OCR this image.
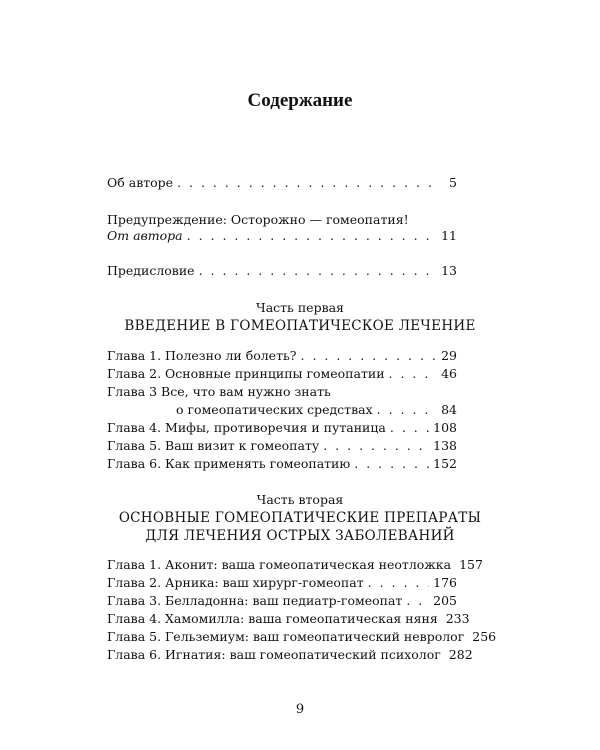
Содержание
Об авторе . . .	5
Предупреждение: Осторожно — гомеопатия!
От автора . . .	11
Предисловие . . .	13
Часть первая
ВВЕДЕНИЕ В ГОМЕОПАТИЧЕСКОЕ ЛЕЧЕНИЕ
Глава 1. Полезно ли болеть? . . .	29
Глава 2. Основные принципы гомеопатии . . .	46
Глава 3 Все, что вам нужно знать
о гомеопатических средствах . . .	84
Глава 4. Мифы, противоречия и путаница . . .	108
Глава 5. Ваш визит к гомеопату . . .	138
Глава 6. Как применять гомеопатию . . .	152
Часть вторая
ОСНОВНЫЕ ГОМЕОПАТИЧЕСКИЕ ПРЕПАРАТЫ
ДЛЯ ЛЕЧЕНИЯ ОСТРЫХ ЗАБОЛЕВАНИЙ
Глава 1. Аконит: ваша гомеопатическая неотложка 157
Глава 2. Арника: ваш хирург-гомеопат . . .	176
Глава 3. Белладонна: ваш педиатр-гомеопат . . . 205
Глава 4. Хамомилла: ваша гомеопатическая няня 233
Глава 5. Гельземиум: ваш гомеопатический невролог 256
Глава 6. Игнатия: ваш гомеопатический психолог 282
9
